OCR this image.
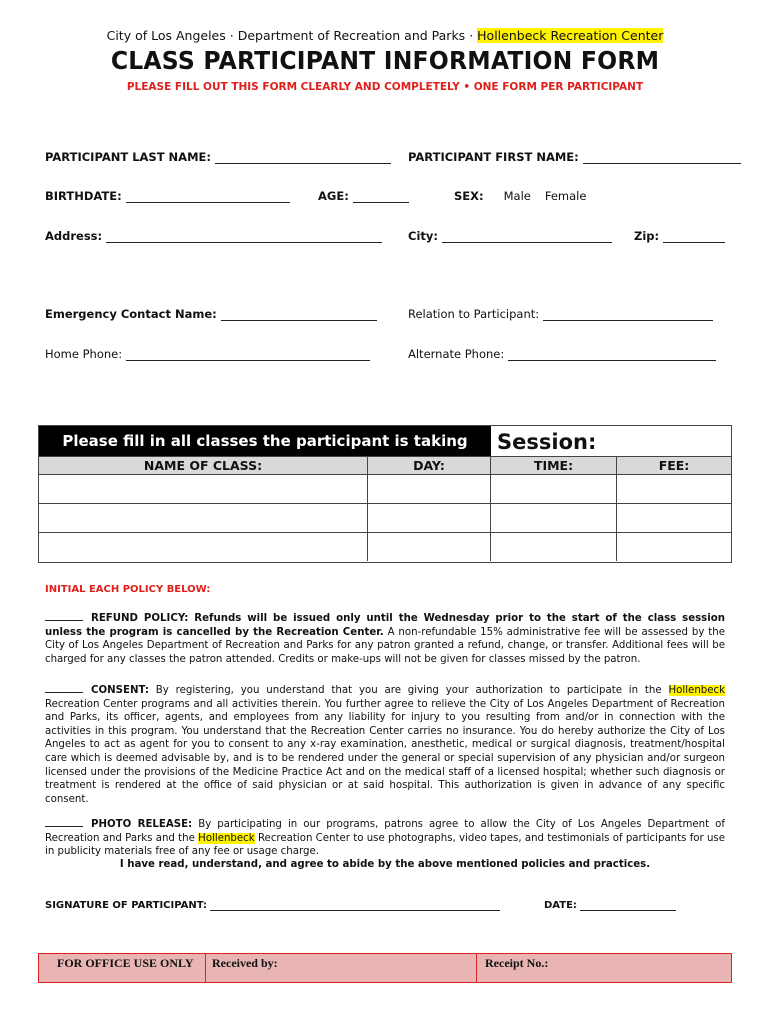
City of Los Angeles · Department of Recreation and Parks · Hollenbeck Recreation Center
CLASS PARTICIPANT INFORMATION FORM
PLEASE FILL OUT THIS FORM CLEARLY AND COMPLETELY • ONE FORM PER PARTICIPANT
PARTICIPANT LAST NAME:	PARTICIPANT FIRST NAME:
BIRTHDATE:	AGE:	SEX: Male Female
Address:	City:	Zip:
Emergency Contact Name:	Relation to Participant:
Home Phone:	Alternate Phone:
Please fill in all classes the participant is taking	Session:
NAME OF CLASS:	DAY:	TIME:	FEE:
INITIAL EACH POLICY BELOW:
REFUND POLICY: Refunds will be issued only until the Wednesday prior to the start of the class session unless the program is cancelled by the Recreation Center. A non-refundable 15% administrative fee will be assessed by the City of Los Angeles Department of Recreation and Parks for any patron granted a refund, change, or transfer. Additional fees will be charged for any classes the patron attended. Credits or make-ups will not be given for classes missed by the patron.
CONSENT: By registering, you understand that you are giving your authorization to participate in the Hollenbeck Recreation Center programs and all activities therein. You further agree to relieve the City of Los Angeles Department of Recreation and Parks, its officer, agents, and employees from any liability for injury to you resulting from and/or in connection with the activities in this program. You understand that the Recreation Center carries no insurance. You do hereby authorize the City of Los Angeles to act as agent for you to consent to any x-ray examination, anesthetic, medical or surgical diagnosis, treatment/hospital care which is deemed advisable by, and is to be rendered under the general or special supervision of any physician and/or surgeon licensed under the provisions of the Medicine Practice Act and on the medical staff of a licensed hospital; whether such diagnosis or treatment is rendered at the office of said physician or at said hospital. This authorization is given in advance of any specific consent.
PHOTO RELEASE: By participating in our programs, patrons agree to allow the City of Los Angeles Department of Recreation and Parks and the Hollenbeck Recreation Center to use photographs, video tapes, and testimonials of participants for use in publicity materials free of any fee or usage charge.
I have read, understand, and agree to abide by the above mentioned policies and practices.
SIGNATURE OF PARTICIPANT:	DATE:
FOR OFFICE USE ONLY	Received by:	Receipt No.:
